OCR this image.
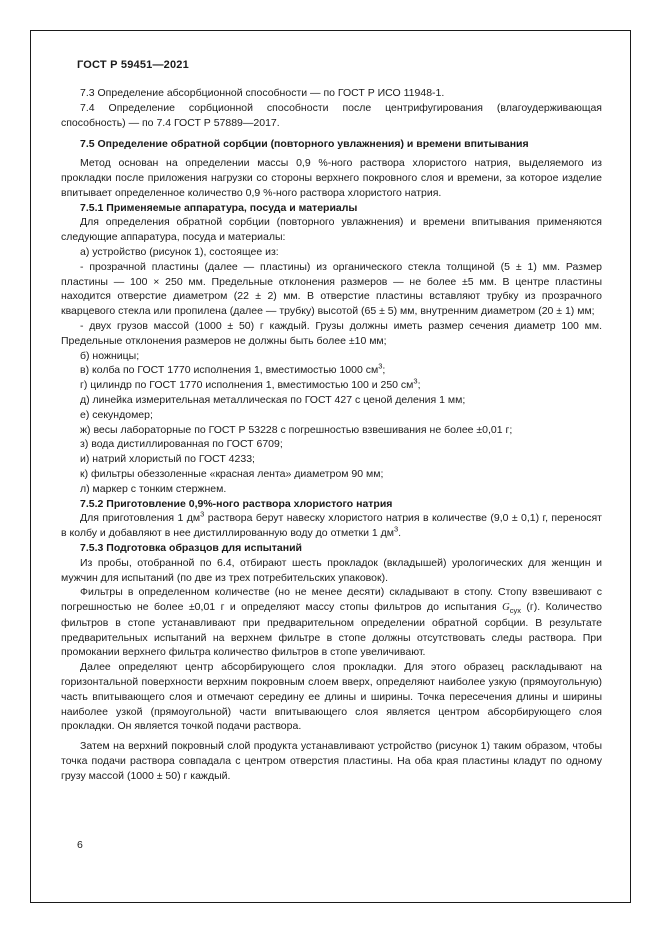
ГОСТ Р 59451—2021

7.3 Определение абсорбционной способности — по ГОСТ Р ИСО 11948-1.

7.4 Определение сорбционной способности после центрифугирования (влагоудерживающая способность) — по 7.4 ГОСТ Р 57889—2017.

7.5 Определение обратной сорбции (повторного увлажнения) и времени впитывания

Метод основан на определении массы 0,9 %-ного раствора хлористого натрия, выделяемого из прокладки после приложения нагрузки со стороны верхнего покровного слоя и времени, за которое изделие впитывает определенное количество 0,9 %-ного раствора хлористого натрия.

7.5.1 Применяемые аппаратура, посуда и материалы

Для определения обратной сорбции (повторного увлажнения) и времени впитывания применяются следующие аппаратура, посуда и материалы:

а) устройство (рисунок 1), состоящее из:

- прозрачной пластины (далее — пластины) из органического стекла толщиной (5 ± 1) мм. Размер пластины — 100 × 250 мм. Предельные отклонения размеров — не более ±5 мм. В центре пластины находится отверстие диаметром (22 ± 2) мм. В отверстие пластины вставляют трубку из прозрачного кварцевого стекла или пропилена (далее — трубку) высотой (65 ± 5) мм, внутренним диаметром (20 ± 1) мм;

- двух грузов массой (1000 ± 50) г каждый. Грузы должны иметь размер сечения диаметр 100 мм. Предельные отклонения размеров не должны быть более ±10 мм;

б) ножницы;

в) колба по ГОСТ 1770 исполнения 1, вместимостью 1000 $см^3$;

г) цилиндр по ГОСТ 1770 исполнения 1, вместимостью 100 и 250 $см^3$;

д) линейка измерительная металлическая по ГОСТ 427 с ценой деления 1 мм;

е) секундомер;

ж) весы лабораторные по ГОСТ Р 53228 с погрешностью взвешивания не более ±0,01 г;

з) вода дистиллированная по ГОСТ 6709;

и) натрий хлористый по ГОСТ 4233;

к) фильтры обеззоленные «красная лента» диаметром 90 мм;

л) маркер с тонким стержнем.

7.5.2 Приготовление 0,9%-ного раствора хлористого натрия

Для приготовления 1 $дм^3$ раствора берут навеску хлористого натрия в количестве (9,0 ± 0,1) г, переносят в колбу и добавляют в нее дистиллированную воду до отметки 1 $дм^3$.

7.5.3 Подготовка образцов для испытаний

Из пробы, отобранной по 6.4, отбирают шесть прокладок (вкладышей) урологических для женщин и мужчин для испытаний (по две из трех потребительских упаковок).

Фильтры в определенном количестве (но не менее десяти) складывают в стопу. Стопу взвешивают с погрешностью не более ±0,01 г и определяют массу стопы фильтров до испытания $G_{сух}$ (г). Количество фильтров в стопе устанавливают при предварительном определении обратной сорбции. В результате предварительных испытаний на верхнем фильтре в стопе должны отсутствовать следы раствора. При промокании верхнего фильтра количество фильтров в стопе увеличивают.

Далее определяют центр абсорбирующего слоя прокладки. Для этого образец раскладывают на горизонтальной поверхности верхним покровным слоем вверх, определяют наиболее узкую (прямоугольную) часть впитывающего слоя и отмечают середину ее длины и ширины. Точка пересечения длины и ширины наиболее узкой (прямоугольной) части впитывающего слоя является центром абсорбирующего слоя прокладки. Он является точкой подачи раствора.

Затем на верхний покровный слой продукта устанавливают устройство (рисунок 1) таким образом, чтобы точка подачи раствора совпадала с центром отверстия пластины. На оба края пластины кладут по одному грузу массой (1000 ± 50) г каждый.

6
